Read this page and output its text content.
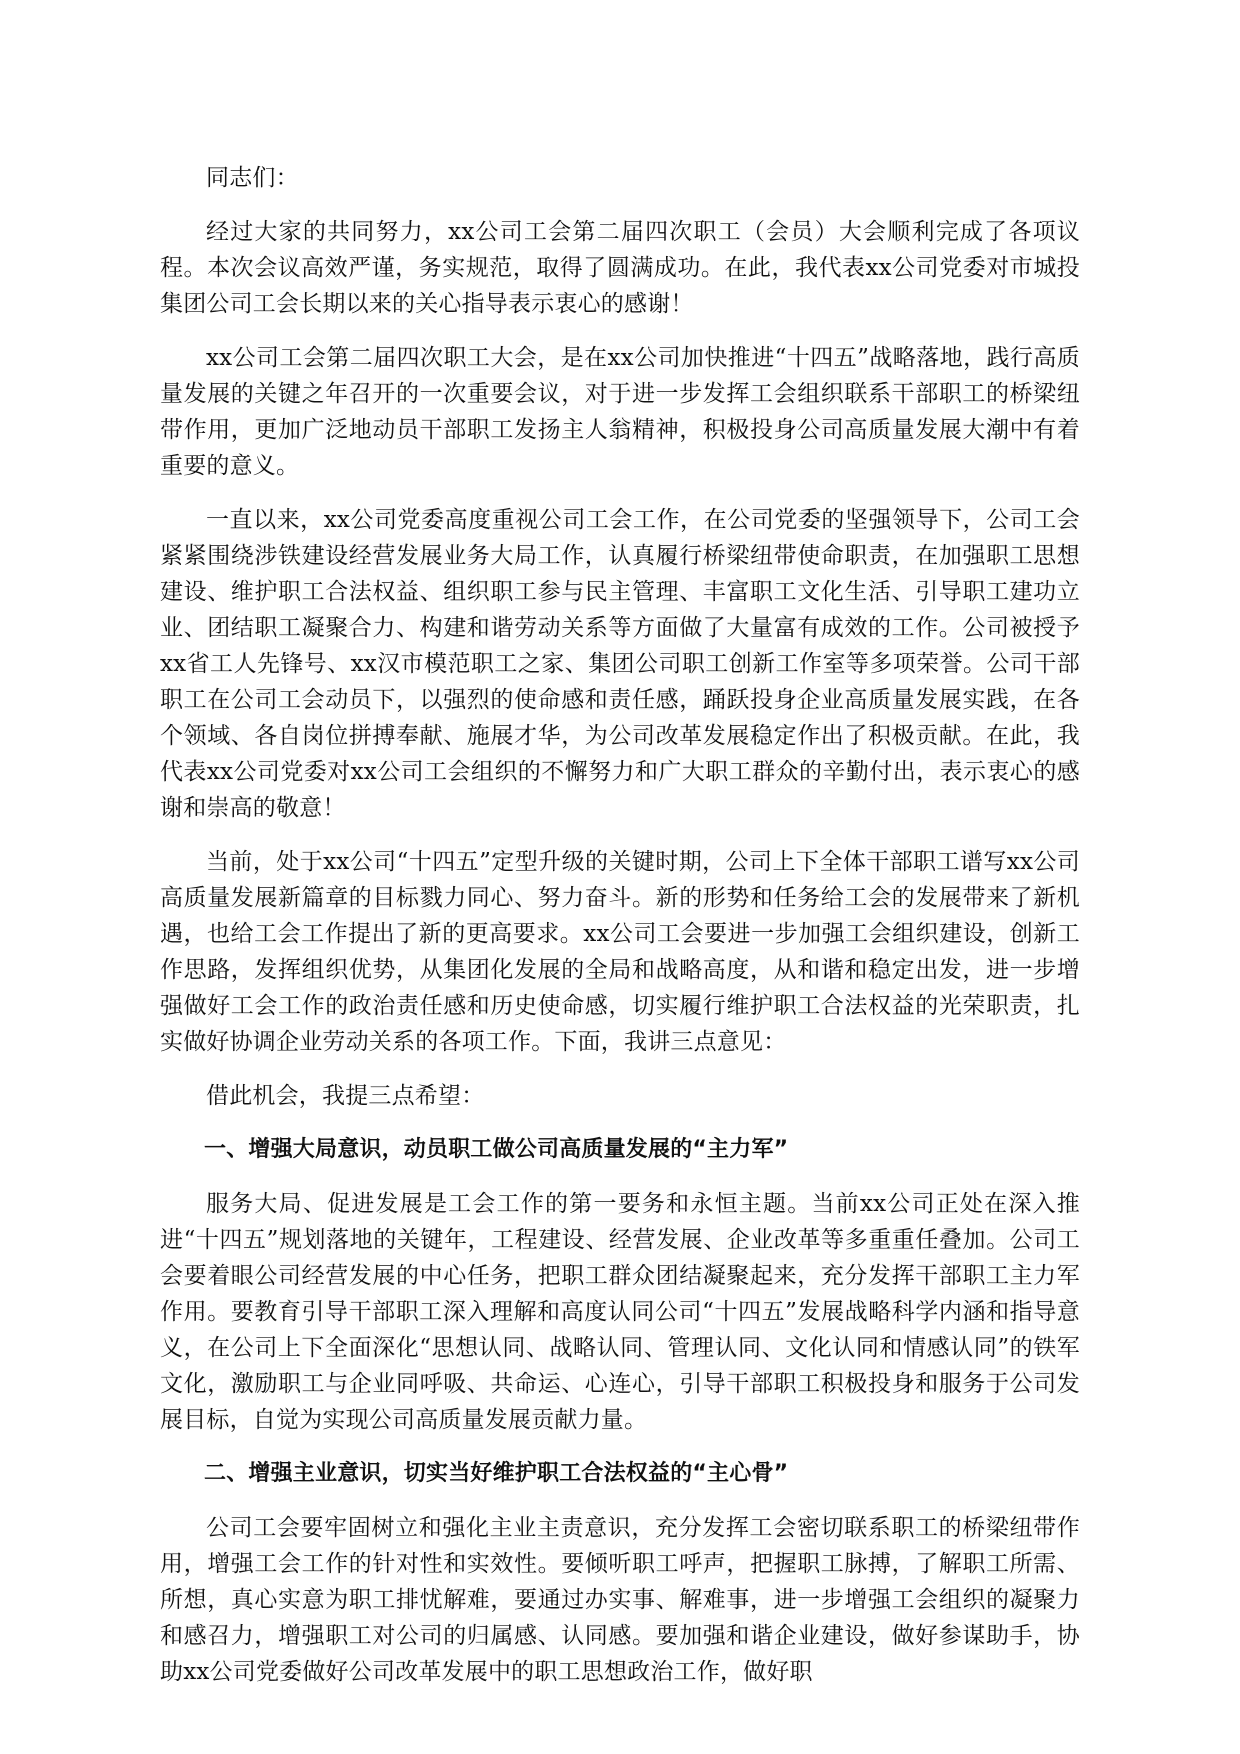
同志们：

经过大家的共同努力，xx公司工会第二届四次职工（会员）大会顺利完成了各项议程。本次会议高效严谨，务实规范，取得了圆满成功。在此，我代表xx公司党委对市城投集团公司工会长期以来的关心指导表示衷心的感谢！

xx公司工会第二届四次职工大会，是在xx公司加快推进“十四五”战略落地，践行高质量发展的关键之年召开的一次重要会议，对于进一步发挥工会组织联系干部职工的桥梁纽带作用，更加广泛地动员干部职工发扬主人翁精神，积极投身公司高质量发展大潮中有着重要的意义。

一直以来，xx公司党委高度重视公司工会工作，在公司党委的坚强领导下，公司工会紧紧围绕涉铁建设经营发展业务大局工作，认真履行桥梁纽带使命职责，在加强职工思想建设、维护职工合法权益、组织职工参与民主管理、丰富职工文化生活、引导职工建功立业、团结职工凝聚合力、构建和谐劳动关系等方面做了大量富有成效的工作。公司被授予xx省工人先锋号、xx汉市模范职工之家、集团公司职工创新工作室等多项荣誉。公司干部职工在公司工会动员下，以强烈的使命感和责任感，踊跃投身企业高质量发展实践，在各个领域、各自岗位拼搏奉献、施展才华，为公司改革发展稳定作出了积极贡献。在此，我代表xx公司党委对xx公司工会组织的不懈努力和广大职工群众的辛勤付出，表示衷心的感谢和崇高的敬意！

当前，处于xx公司“十四五”定型升级的关键时期，公司上下全体干部职工谱写xx公司高质量发展新篇章的目标戮力同心、努力奋斗。新的形势和任务给工会的发展带来了新机遇，也给工会工作提出了新的更高要求。xx公司工会要进一步加强工会组织建设，创新工作思路，发挥组织优势，从集团化发展的全局和战略高度，从和谐和稳定出发，进一步增强做好工会工作的政治责任感和历史使命感，切实履行维护职工合法权益的光荣职责，扎实做好协调企业劳动关系的各项工作。下面，我讲三点意见：

借此机会，我提三点希望：

一、增强大局意识，动员职工做公司高质量发展的“主力军”

服务大局、促进发展是工会工作的第一要务和永恒主题。当前xx公司正处在深入推进“十四五”规划落地的关键年，工程建设、经营发展、企业改革等多重重任叠加。公司工会要着眼公司经营发展的中心任务，把职工群众团结凝聚起来，充分发挥干部职工主力军作用。要教育引导干部职工深入理解和高度认同公司“十四五”发展战略科学内涵和指导意义，在公司上下全面深化“思想认同、战略认同、管理认同、文化认同和情感认同”的铁军文化，激励职工与企业同呼吸、共命运、心连心，引导干部职工积极投身和服务于公司发展目标，自觉为实现公司高质量发展贡献力量。

二、增强主业意识，切实当好维护职工合法权益的“主心骨”

公司工会要牢固树立和强化主业主责意识，充分发挥工会密切联系职工的桥梁纽带作用，增强工会工作的针对性和实效性。要倾听职工呼声，把握职工脉搏，了解职工所需、所想，真心实意为职工排忧解难，要通过办实事、解难事，进一步增强工会组织的凝聚力和感召力，增强职工对公司的归属感、认同感。要加强和谐企业建设，做好参谋助手，协助xx公司党委做好公司改革发展中的职工思想政治工作，做好职
